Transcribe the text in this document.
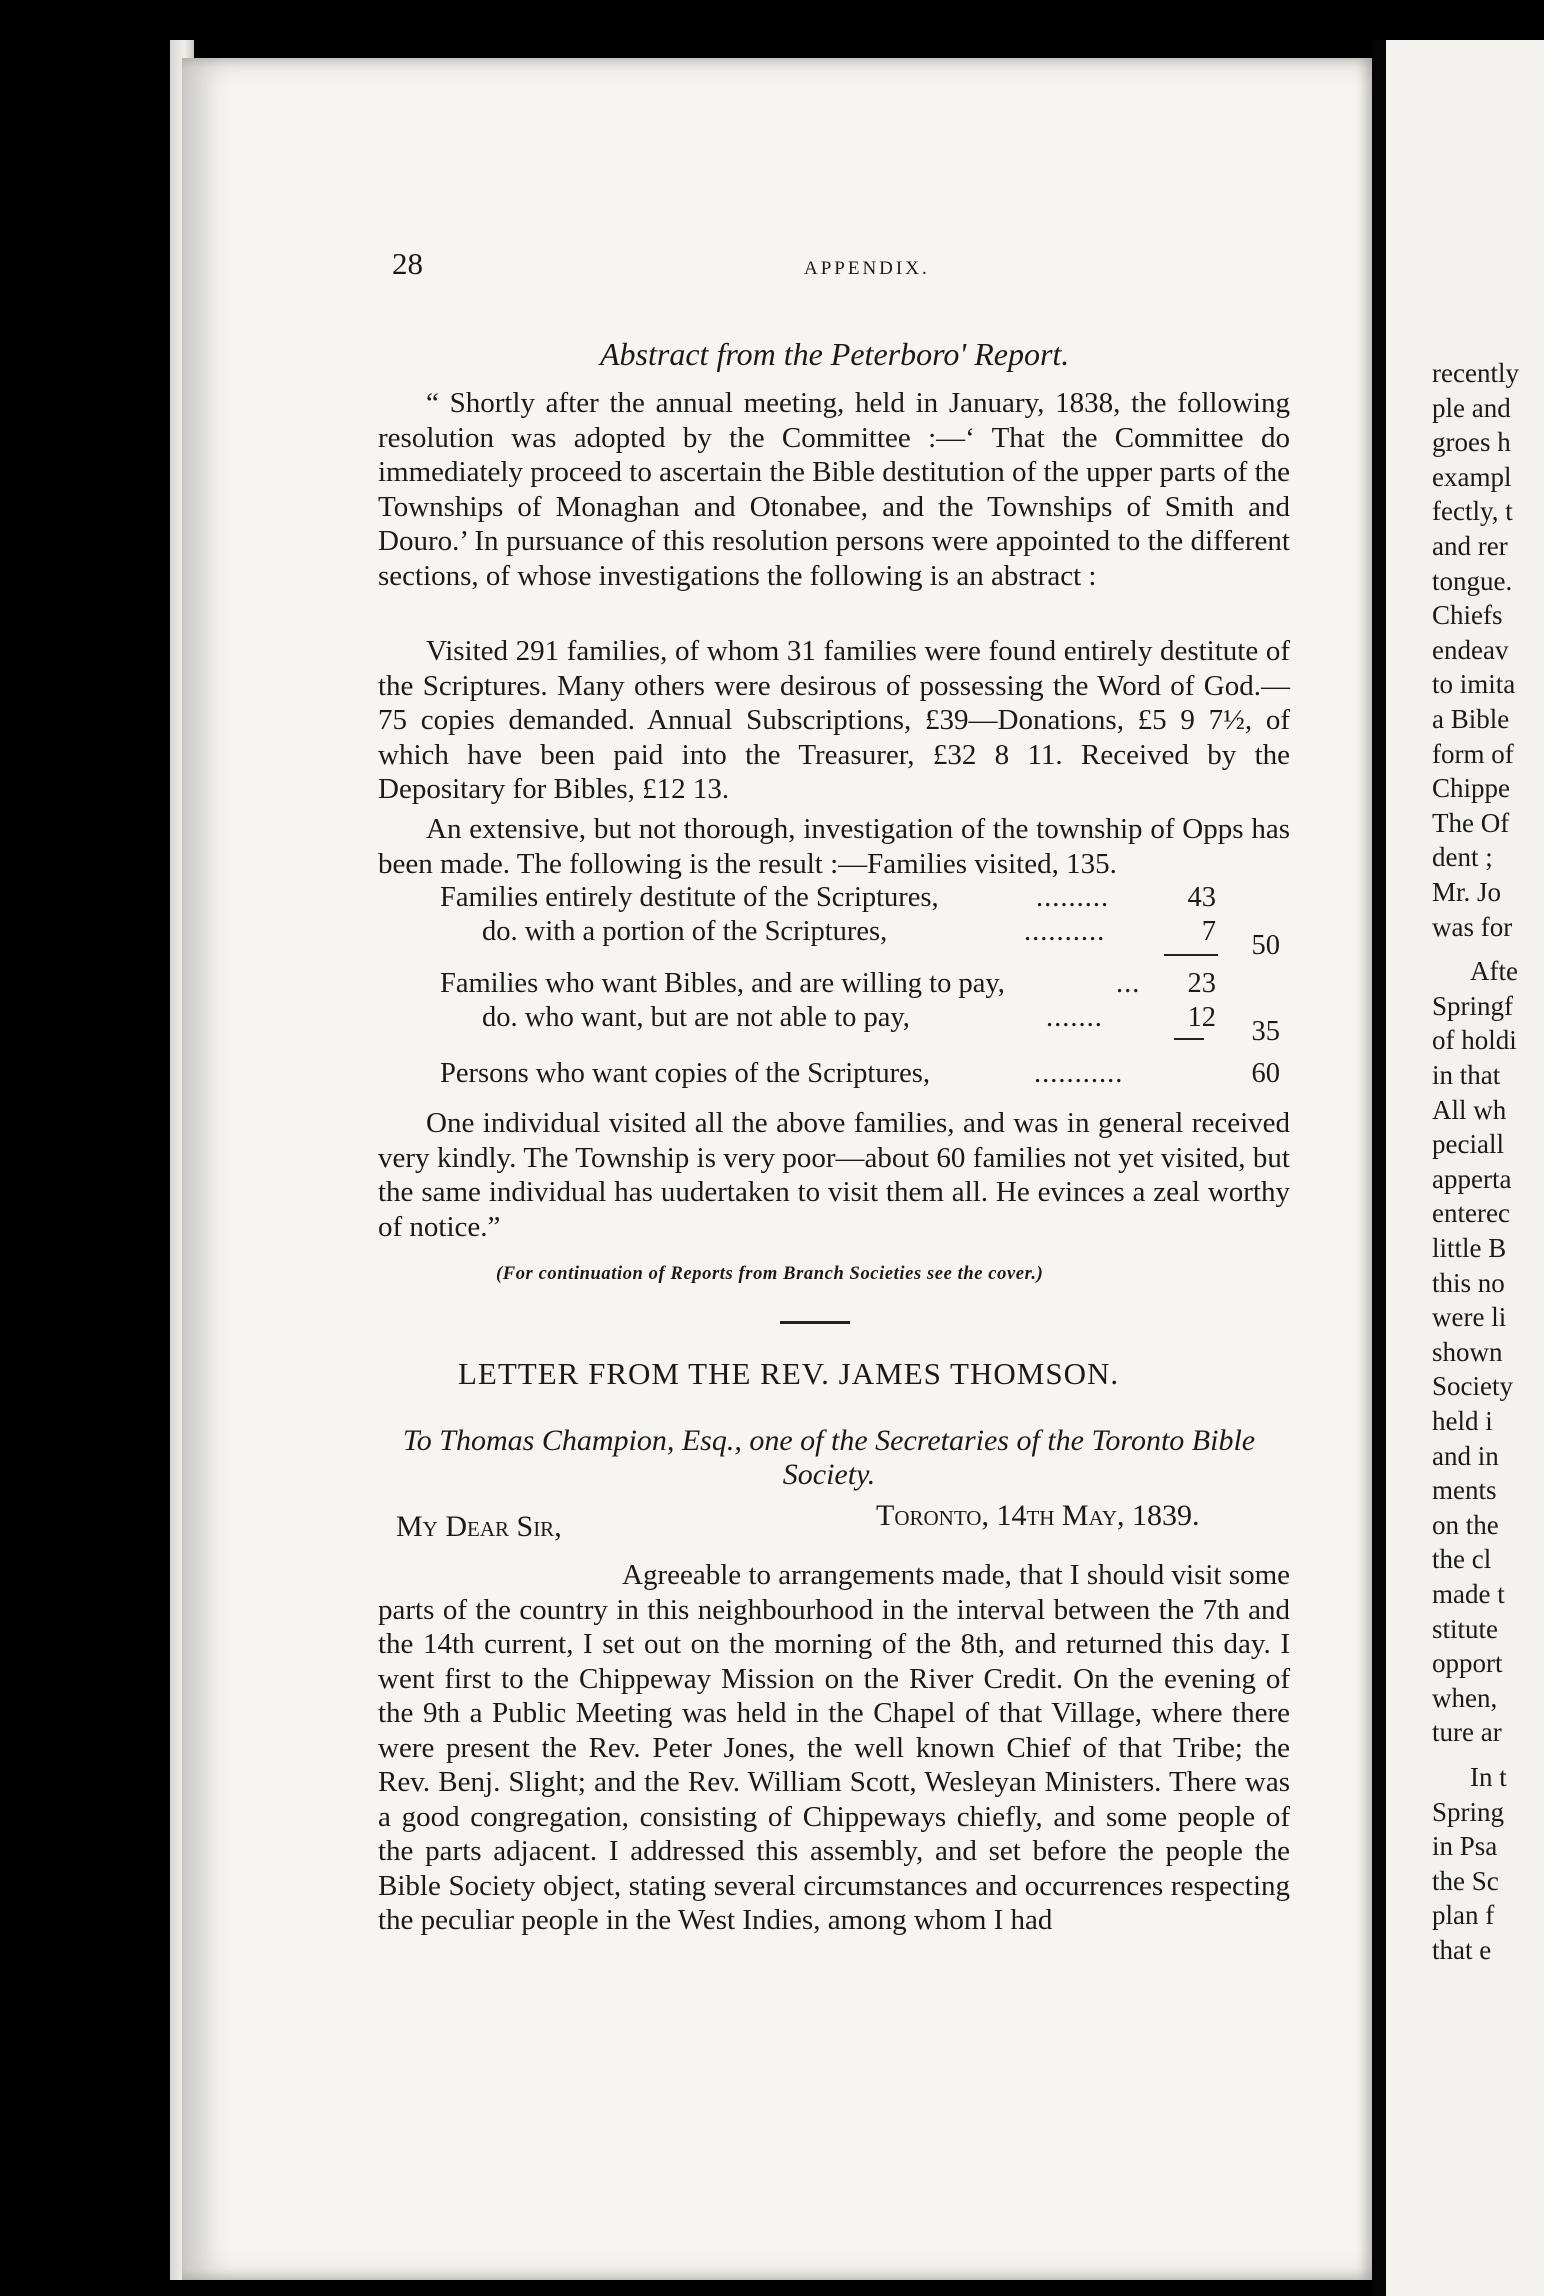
28	APPENDIX.
Abstract from the Peterboro' Report.
“ Shortly after the annual meeting, held in January, 1838, the following resolution was adopted by the Committee :—‘ That the Committee do immediately proceed to ascertain the Bible destitution of the upper parts of the Townships of Monaghan and Otonabee, and the Townships of Smith and Douro.’ In pursuance of this resolution persons were appointed to the different sections, of whose investigations the following is an abstract :
Visited 291 families, of whom 31 families were found entirely destitute of the Scriptures. Many others were desirous of possessing the Word of God.—75 copies demanded. Annual Subscriptions, £39—Donations, £5 9 7½, of which have been paid into the Treasurer, £32 8 11. Received by the Depositary for Bibles, £12 13.
An extensive, but not thorough, investigation of the township of Opps has been made. The following is the result :—Families visited, 135.
Families entirely destitute of the Scriptures,	.........	43
do. with a portion of the Scriptures,	..........	7	50
Families who want Bibles, and are willing to pay,	...	23
do. who want, but are not able to pay,	.......	12	35
Persons who want copies of the Scriptures,	...........	60
One individual visited all the above families, and was in general received very kindly. The Township is very poor—about 60 families not yet visited, but the same individual has uudertaken to visit them all. He evinces a zeal worthy of notice.”
(For continuation of Reports from Branch Societies see the cover.)
LETTER FROM THE REV. JAMES THOMSON.
To Thomas Champion, Esq., one of the Secretaries of the Toronto Bible Society.
Toronto, 14th May, 1839.
My Dear Sir,
Agreeable to arrangements made, that I should visit some parts of the country in this neighbourhood in the interval between the 7th and the 14th current, I set out on the morning of the 8th, and returned this day. I went first to the Chippeway Mission on the River Credit. On the evening of the 9th a Public Meeting was held in the Chapel of that Village, where there were present the Rev. Peter Jones, the well known Chief of that Tribe; the Rev. Benj. Slight; and the Rev. William Scott, Wesleyan Ministers. There was a good congregation, consisting of Chippeways chiefly, and some people of the parts adjacent. I addressed this assembly, and set before the people the Bible Society object, stating several circumstances and occurrences respecting the peculiar people in the West Indies, among whom I had
recently
ple and
groes h
exampl
fectly, t
and rer
tongue.
Chiefs
endeav
to imita
a Bible
form of
Chippe
The Of
dent ;
Mr. Jo
was for
Afte
Springf
of holdi
in that
All wh
peciall
apperta
enterec
little B
this no
were li
shown
Society
held i
and in
ments
on the
the cl
made t
stitute
opport
when,
ture ar
In t
Spring
in Psa
the Sc
plan f
that e
